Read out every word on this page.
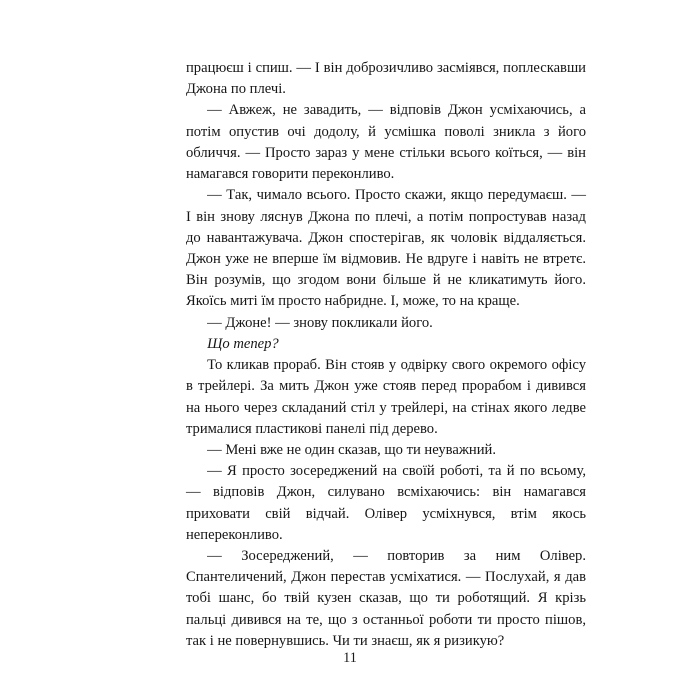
працюєш і спиш. — І він доброзичливо засміявся, поплескавши Джона по плечі.

— Авжеж, не завадить, — відповів Джон усміхаючись, а потім опустив очі додолу, й усмішка поволі зникла з його обличчя. — Просто зараз у мене стільки всього коїться, — він намагався говорити переконливо.

— Так, чимало всього. Просто скажи, якщо передумаєш. — І він знову ляснув Джона по плечі, а потім попростував назад до навантажувача. Джон спостерігав, як чоловік віддаляється. Джон уже не вперше їм відмовив. Не вдруге і навіть не втретє. Він розумів, що згодом вони більше й не кликатимуть його. Якоїсь миті їм просто набридне. І, може, то на краще.

— Джоне! — знову покликали його.

Що тепер?

То кликав прораб. Він стояв у одвірку свого окремого офісу в трейлері. За мить Джон уже стояв перед прорабом і дивився на нього через складаний стіл у трейлері, на стінах якого ледве трималися пластикові панелі під дерево.

— Мені вже не один сказав, що ти неуважний.

— Я просто зосереджений на своїй роботі, та й по всьому, — відповів Джон, силувано всміхаючись: він намагався приховати свій відчай. Олівер усміхнувся, втім якось непереконливо.

— Зосереджений, — повторив за ним Олівер. Спантеличений, Джон перестав усміхатися. — Послухай, я дав тобі шанс, бо твій кузен сказав, що ти роботящий. Я крізь пальці дивився на те, що з останньої роботи ти просто пішов, так і не повернувшись. Чи ти знаєш, як я ризикую?

11
